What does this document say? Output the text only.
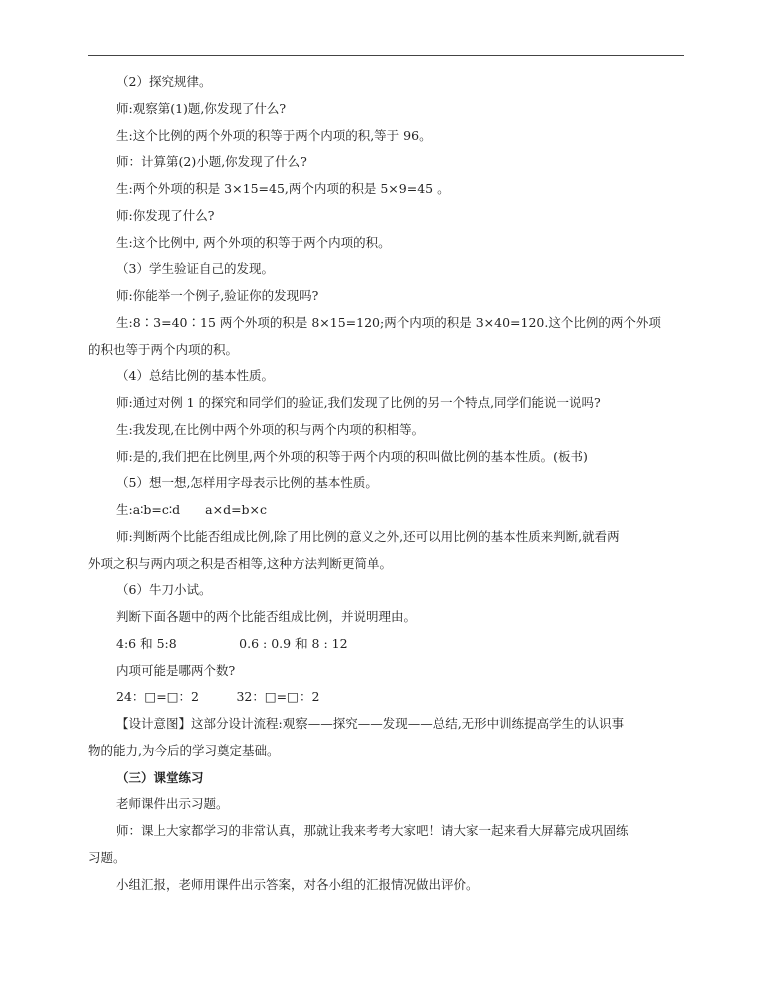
（2）探究规律。
师:观察第(1)题,你发现了什么?
生:这个比例的两个外项的积等于两个内项的积,等于 96。
师：计算第(2)小题,你发现了什么?
生:两个外项的积是 3×15=45,两个内项的积是 5×9=45 。
师:你发现了什么?
生:这个比例中, 两个外项的积等于两个内项的积。
（3）学生验证自己的发现。
师:你能举一个例子,验证你的发现吗?
生:8∶3=40∶15 两个外项的积是 8×15=120;两个内项的积是 3×40=120.这个比例的两个外项
的积也等于两个内项的积。
（4）总结比例的基本性质。
师:通过对例 1 的探究和同学们的验证,我们发现了比例的另一个特点,同学们能说一说吗?
生:我发现,在比例中两个外项的积与两个内项的积相等。
师:是的,我们把在比例里,两个外项的积等于两个内项的积叫做比例的基本性质。(板书)
（5）想一想,怎样用字母表示比例的基本性质。
生:a∶b=c∶d　　a×d=b×c
师:判断两个比能否组成比例,除了用比例的意义之外,还可以用比例的基本性质来判断,就看两
外项之积与两内项之积是否相等,这种方法判断更简单。
（6）牛刀小试。
判断下面各题中的两个比能否组成比例，并说明理由。
4:6 和 5:8　　　　　0.6 : 0.9 和 8 : 12
内项可能是哪两个数?
24：□=□：2　　　32：□=□：2
【设计意图】这部分设计流程:观察——探究——发现——总结,无形中训练提高学生的认识事
物的能力,为今后的学习奠定基础。
（三）课堂练习
老师课件出示习题。
师：课上大家都学习的非常认真，那就让我来考考大家吧！请大家一起来看大屏幕完成巩固练
习题。
小组汇报，老师用课件出示答案，对各小组的汇报情况做出评价。
